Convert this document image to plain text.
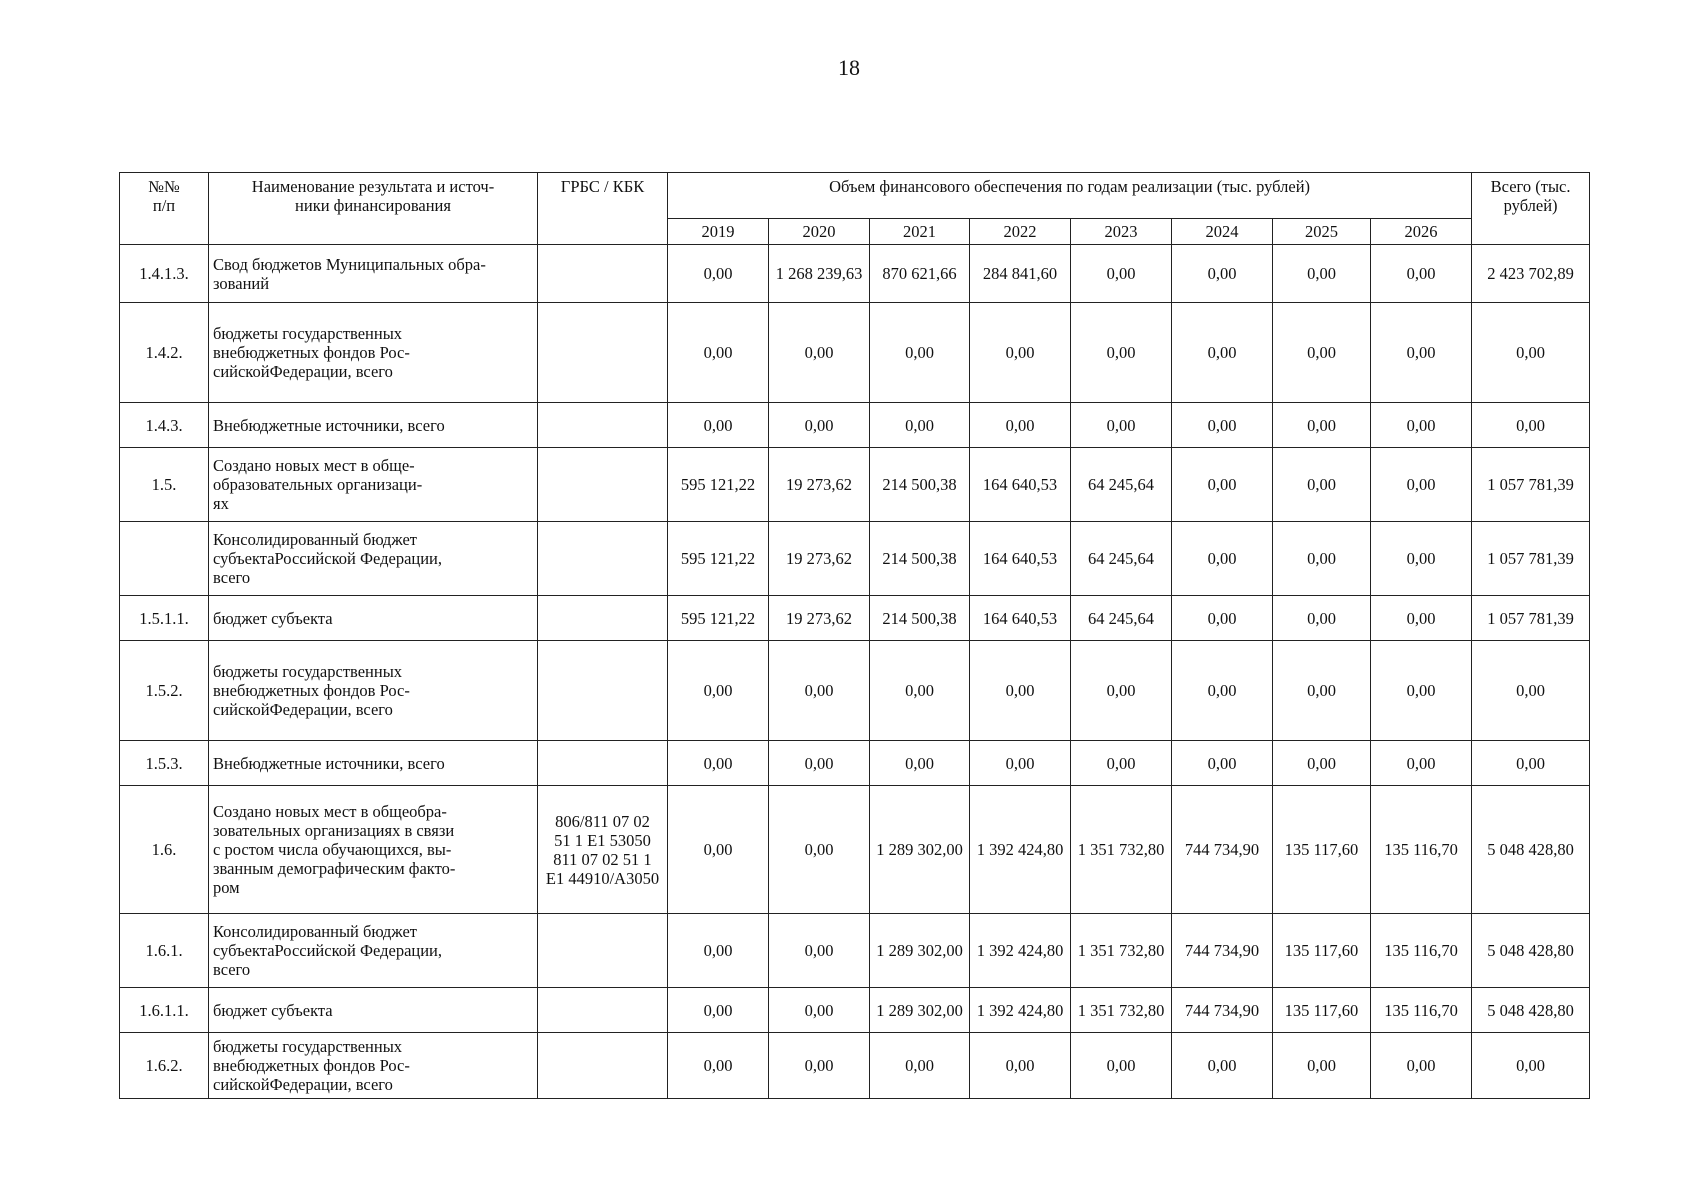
18
№№
п/п	Наименование результата и источ-
ники финансирования	ГРБС / КБК	Объем финансового обеспечения по годам реализации (тыс. рублей)								Всего (тыс.
рублей)

			2019	2020	2021	2022	2023	2024	2025	2026	
1.4.1.3.	Свод бюджетов Муниципальных обра-
зований		0,00	1 268 239,63	870 621,66	284 841,60	0,00	0,00	0,00	0,00	2 423 702,89
1.4.2.	бюджеты государственных
внебюджетных фондов Рос-
сийскойФедерации, всего		0,00	0,00	0,00	0,00	0,00	0,00	0,00	0,00	0,00
1.4.3.	Внебюджетные источники, всего		0,00	0,00	0,00	0,00	0,00	0,00	0,00	0,00	0,00
1.5.	Создано новых мест в обще-
образовательных организаци-
ях		595 121,22	19 273,62	214 500,38	164 640,53	64 245,64	0,00	0,00	0,00	1 057 781,39

	Консолидированный бюджет
субъектаРоссийской Федерации,
всего		595 121,22	19 273,62	214 500,38	164 640,53	64 245,64	0,00	0,00	0,00	1 057 781,39
1.5.1.1.	бюджет субъекта		595 121,22	19 273,62	214 500,38	164 640,53	64 245,64	0,00	0,00	0,00	1 057 781,39
1.5.2.	бюджеты государственных
внебюджетных фондов Рос-
сийскойФедерации, всего		0,00	0,00	0,00	0,00	0,00	0,00	0,00	0,00	0,00
1.5.3.	Внебюджетные источники, всего		0,00	0,00	0,00	0,00	0,00	0,00	0,00	0,00	0,00
1.6.	Создано новых мест в общеобра-
зовательных организациях в связи
с ростом числа обучающихся, вы-
званным демографическим факто-
ром	806/811 07 02
51 1 E1 53050
811 07 02 51 1
E1 44910/A3050	0,00	0,00	1 289 302,00	1 392 424,80	1 351 732,80	744 734,90	135 117,60	135 116,70	5 048 428,80
1.6.1.	Консолидированный бюджет
субъектаРоссийской Федерации,
всего		0,00	0,00	1 289 302,00	1 392 424,80	1 351 732,80	744 734,90	135 117,60	135 116,70	5 048 428,80
1.6.1.1.	бюджет субъекта		0,00	0,00	1 289 302,00	1 392 424,80	1 351 732,80	744 734,90	135 117,60	135 116,70	5 048 428,80
1.6.2.	бюджеты государственных
внебюджетных фондов Рос-
сийскойФедерации, всего		0,00	0,00	0,00	0,00	0,00	0,00	0,00	0,00	0,00
